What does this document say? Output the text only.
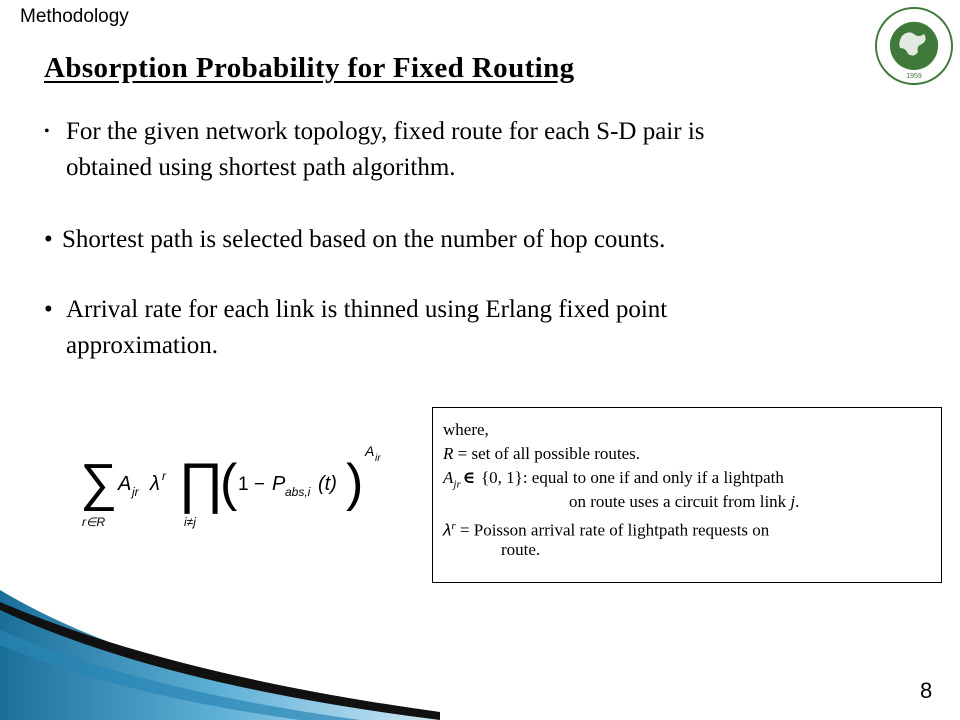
Methodology
1959
Absorption Probability for Fixed Routing
• For the given network topology, fixed route for each S-D pair is
obtained using shortest path algorithm.
• Shortest path is selected based on the number of hop counts.
• Arrival rate for each link is thinned using Erlang fixed point
approximation.
∑
r∈R
A jr λ r ∏
i≠j
( 1 − P abs,i (t) )
A ir
where,
R = set of all possible routes.
$A_{jr}$ ∈ {0, 1}: equal to one if and only if a lightpath
on route uses a circuit from link j.
$\lambda^r$ = Poisson arrival rate of lightpath requests on
route.
8
